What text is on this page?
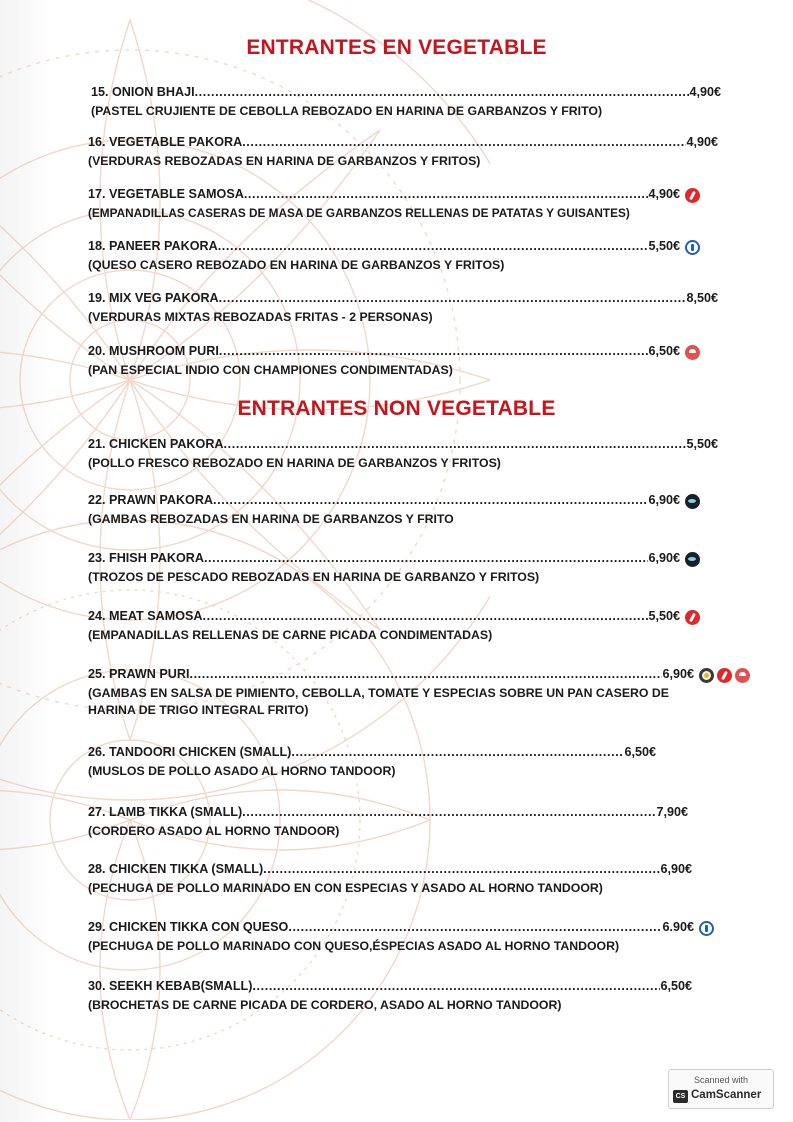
ENTRANTES EN VEGETABLE
15. ONION BHAJI .....	4,90€
(PASTEL CRUJIENTE DE CEBOLLA REBOZADO EN HARINA DE GARBANZOS Y FRITO)
16. VEGETABLE PAKORA .....	4,90€
(VERDURAS REBOZADAS EN HARINA DE GARBANZOS Y FRITOS)
17. VEGETABLE SAMOSA .....	4,90€
(EMPANADILLAS CASERAS DE MASA DE GARBANZOS RELLENAS DE PATATAS Y GUISANTES)
18. PANEER PAKORA .....	5,50€
(QUESO CASERO REBOZADO EN HARINA DE GARBANZOS Y FRITOS)
19. MIX VEG PAKORA .....	8,50€
(VERDURAS MIXTAS REBOZADAS FRITAS - 2 PERSONAS)
20. MUSHROOM PURI .....	6,50€
(PAN ESPECIAL INDIO CON CHAMPIONES CONDIMENTADAS)
ENTRANTES NON VEGETABLE
21. CHICKEN PAKORA .....	5,50€
(POLLO FRESCO REBOZADO EN HARINA DE GARBANZOS Y FRITOS)
22. PRAWN PAKORA .....	6,90€
(GAMBAS REBOZADAS EN HARINA DE GARBANZOS Y FRITO
23. FHISH PAKORA .....	6,90€
(TROZOS DE PESCADO REBOZADAS EN HARINA DE GARBANZO Y FRITOS)
24. MEAT SAMOSA .....	5,50€
(EMPANADILLAS RELLENAS DE CARNE PICADA CONDIMENTADAS)
25. PRAWN PURI .....	6,90€
(GAMBAS EN SALSA DE PIMIENTO, CEBOLLA, TOMATE Y ESPECIAS SOBRE UN PAN CASERO DE HARINA DE TRIGO INTEGRAL FRITO)
26. TANDOORI CHICKEN (SMALL) .....	6,50€
(MUSLOS DE POLLO ASADO AL HORNO TANDOOR)
27. LAMB TIKKA (SMALL) .....	7,90€
(CORDERO ASADO AL HORNO TANDOOR)
28. CHICKEN TIKKA (SMALL) .....	6,90€
(PECHUGA DE POLLO MARINADO EN CON ESPECIAS Y ASADO AL HORNO TANDOOR)
29. CHICKEN TIKKA CON QUESO .....	6.90€
(PECHUGA DE POLLO MARINADO CON QUESO,ÉSPECIAS ASADO AL HORNO TANDOOR)
30. SEEKH KEBAB(SMALL) .....	6,50€
(BROCHETAS DE CARNE PICADA DE CORDERO, ASADO AL HORNO TANDOOR)
Scanned with
CS CamScanner
